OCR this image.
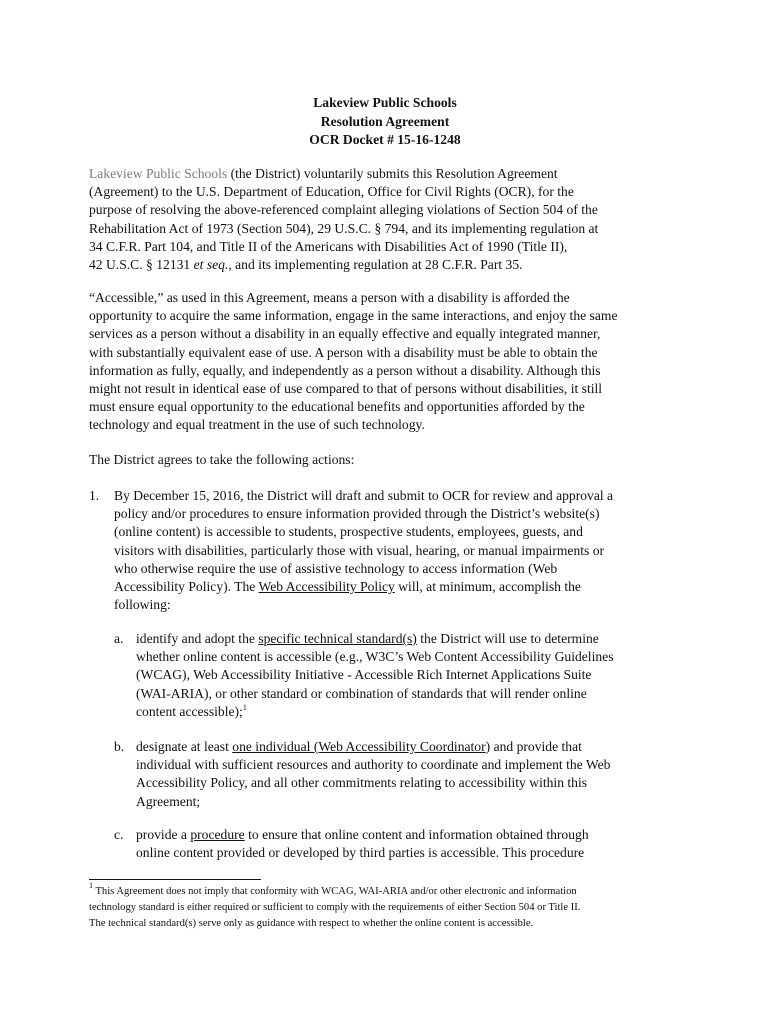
Lakeview Public Schools
Resolution Agreement
OCR Docket # 15-16-1248
Lakeview Public Schools (the District) voluntarily submits this Resolution Agreement
(Agreement) to the U.S. Department of Education, Office for Civil Rights (OCR), for the
purpose of resolving the above-referenced complaint alleging violations of Section 504 of the
Rehabilitation Act of 1973 (Section 504), 29 U.S.C. § 794, and its implementing regulation at
34 C.F.R. Part 104, and Title II of the Americans with Disabilities Act of 1990 (Title II),
42 U.S.C. § 12131 et seq., and its implementing regulation at 28 C.F.R. Part 35.
“Accessible,” as used in this Agreement, means a person with a disability is afforded the
opportunity to acquire the same information, engage in the same interactions, and enjoy the same
services as a person without a disability in an equally effective and equally integrated manner,
with substantially equivalent ease of use. A person with a disability must be able to obtain the
information as fully, equally, and independently as a person without a disability. Although this
might not result in identical ease of use compared to that of persons without disabilities, it still
must ensure equal opportunity to the educational benefits and opportunities afforded by the
technology and equal treatment in the use of such technology.
The District agrees to take the following actions:
1. By December 15, 2016, the District will draft and submit to OCR for review and approval a
policy and/or procedures to ensure information provided through the District’s website(s)
(online content) is accessible to students, prospective students, employees, guests, and
visitors with disabilities, particularly those with visual, hearing, or manual impairments or
who otherwise require the use of assistive technology to access information (Web
Accessibility Policy). The Web Accessibility Policy will, at minimum, accomplish the
following:
a. identify and adopt the specific technical standard(s) the District will use to determine
whether online content is accessible (e.g., W3C’s Web Content Accessibility Guidelines
(WCAG), Web Accessibility Initiative - Accessible Rich Internet Applications Suite
(WAI-ARIA), or other standard or combination of standards that will render online
content accessible);$^1$
b. designate at least one individual (Web Accessibility Coordinator) and provide that
individual with sufficient resources and authority to coordinate and implement the Web
Accessibility Policy, and all other commitments relating to accessibility within this
Agreement;
c. provide a procedure to ensure that online content and information obtained through
online content provided or developed by third parties is accessible. This procedure
$^1$ This Agreement does not imply that conformity with WCAG, WAI-ARIA and/or other electronic and information
technology standard is either required or sufficient to comply with the requirements of either Section 504 or Title II.
The technical standard(s) serve only as guidance with respect to whether the online content is accessible.
